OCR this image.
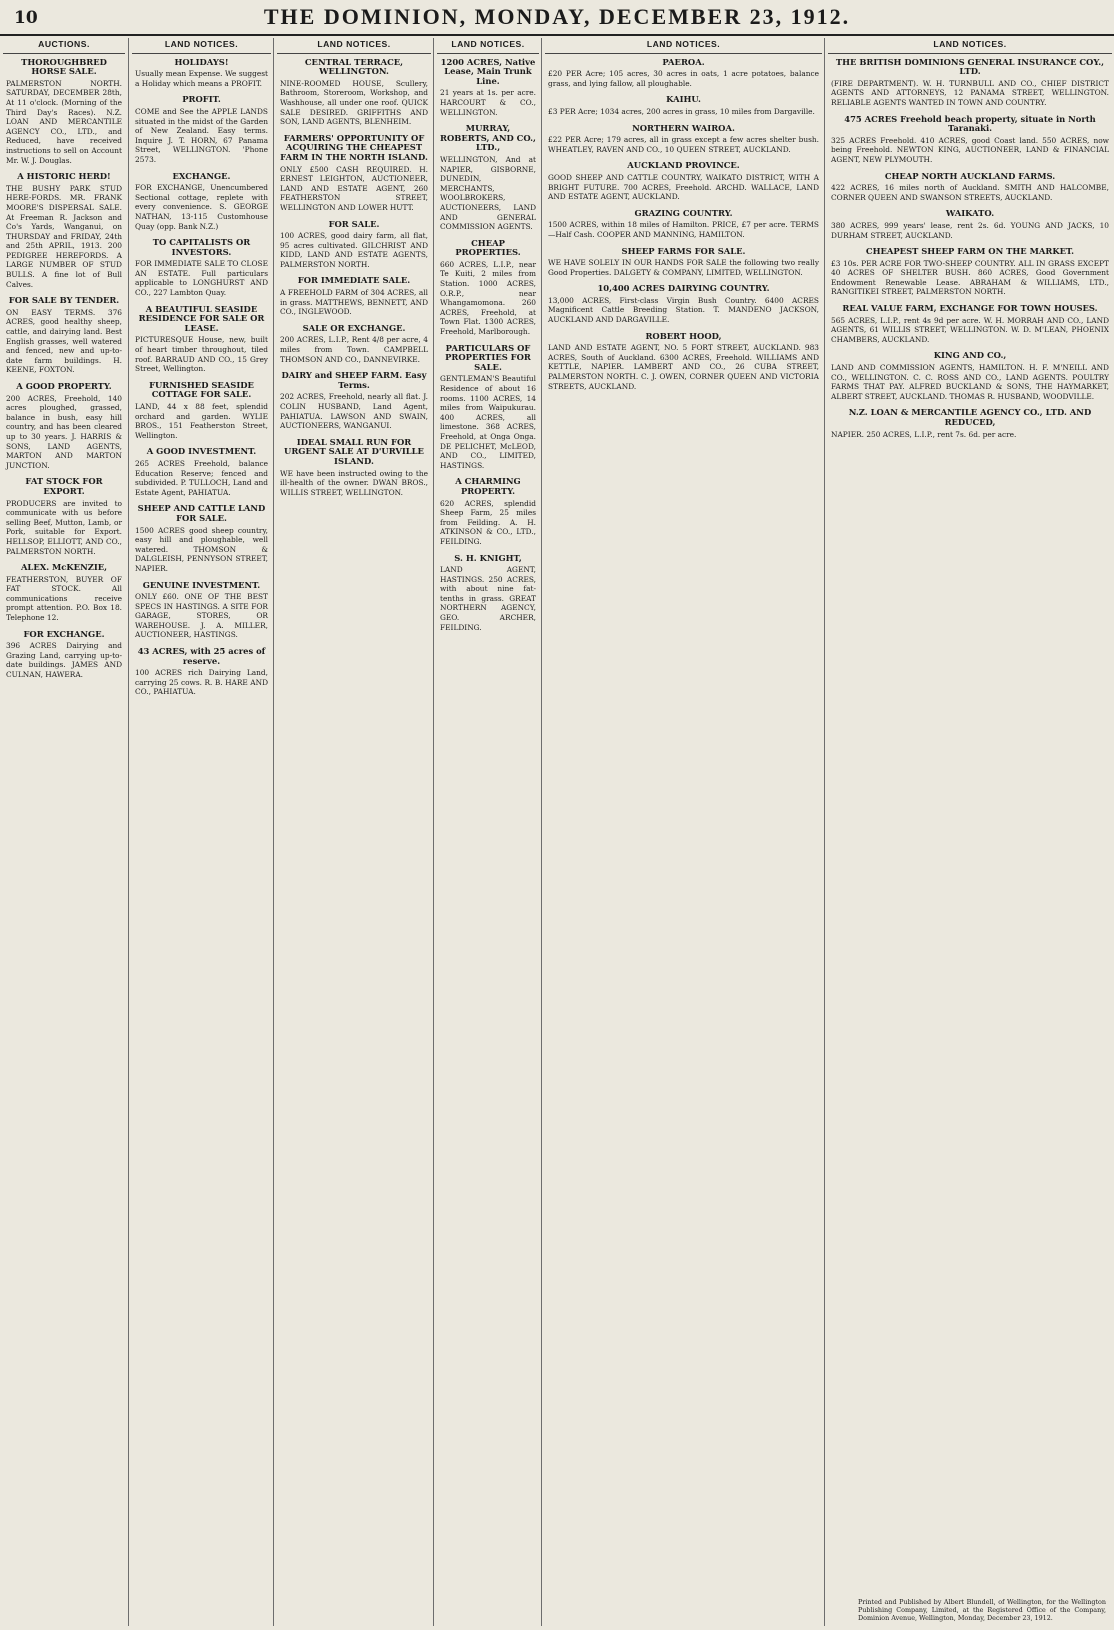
10	THE DOMINION, MONDAY, DECEMBER 23, 1912.
AUCTIONS.
THOROUGHBRED HORSE SALE.
PALMERSTON NORTH. SATURDAY, DECEMBER 28th, At 11 o'clock. (Morning of the Third Day's Races). N.Z. LOAN AND MERCANTILE AGENCY CO., LTD., and Reduced, have received instructions to sell on Account Mr. W. J. Douglas.
A HISTORIC HERD!
THE BUSHY PARK STUD HERE-FORDS. MR. FRANK MOORE'S DISPERSAL SALE. At Freeman R. Jackson and Co's Yards, Wanganui, on THURSDAY and FRIDAY, 24th and 25th APRIL, 1913. 200 PEDIGREE HEREFORDS. A LARGE NUMBER OF STUD BULLS. A fine lot of Bull Calves.
FOR SALE BY TENDER.
ON EASY TERMS. 376 ACRES, good healthy sheep, cattle, and dairying land. Best English grasses, well watered and fenced, new and up-to-date farm buildings. H. KEENE, FOXTON.
A GOOD PROPERTY.
200 ACRES, Freehold, 140 acres ploughed, grassed, balance in bush, easy hill country, and has been cleared up to 30 years. J. HARRIS & SONS, LAND AGENTS, MARTON AND MARTON JUNCTION.
FAT STOCK FOR EXPORT.
PRODUCERS are invited to communicate with us before selling Beef, Mutton, Lamb, or Pork, suitable for Export. HELLSOP, ELLIOTT, AND CO., PALMERSTON NORTH.
ALEX. McKENZIE,
FEATHERSTON, BUYER OF FAT STOCK. All communications receive prompt attention. P.O. Box 18. Telephone 12.
FOR EXCHANGE.
396 ACRES Dairying and Grazing Land, carrying up-to-date buildings. JAMES AND CULNAN, HAWERA.
LAND NOTICES.
HOLIDAYS!
Usually mean Expense. We suggest a Holiday which means a PROFIT.
PROFIT.
COME and See the APPLE LANDS situated in the midst of the Garden of New Zealand. Easy terms. Inquire J. T. HORN, 67 Panama Street, WELLINGTON. 'Phone 2573.
EXCHANGE.
FOR EXCHANGE, Unencumbered Sectional cottage, replete with every convenience. S. GEORGE NATHAN, 13-115 Customhouse Quay (opp. Bank N.Z.)
TO CAPITALISTS OR INVESTORS.
FOR IMMEDIATE SALE TO CLOSE AN ESTATE. Full particulars applicable to LONGHURST AND CO., 227 Lambton Quay.
A BEAUTIFUL SEASIDE RESIDENCE FOR SALE OR LEASE.
PICTURESQUE House, new, built of heart timber throughout, tiled roof. BARRAUD AND CO., 15 Grey Street, Wellington.
FURNISHED SEASIDE COTTAGE FOR SALE.
LAND, 44 x 88 feet, splendid orchard and garden. WYLIE BROS., 151 Featherston Street, Wellington.
A GOOD INVESTMENT.
265 ACRES Freehold, balance Education Reserve; fenced and subdivided. P. TULLOCH, Land and Estate Agent, PAHIATUA.
SHEEP AND CATTLE LAND FOR SALE.
1500 ACRES good sheep country, easy hill and ploughable, well watered. THOMSON & DALGLEISH, PENNYSON STREET, NAPIER.
GENUINE INVESTMENT.
ONLY £60. ONE OF THE BEST SPECS IN HASTINGS. A SITE FOR GARAGE, STORES, OR WAREHOUSE. J. A. MILLER, AUCTIONEER, HASTINGS.
43 ACRES, with 25 acres of reserve.
100 ACRES rich Dairying Land, carrying 25 cows. R. B. HARE AND CO., PAHIATUA.
LAND NOTICES.
CENTRAL TERRACE, WELLINGTON.
NINE-ROOMED HOUSE, Scullery, Bathroom, Storeroom, Workshop, and Washhouse, all under one roof. QUICK SALE DESIRED. GRIFFITHS AND SON, LAND AGENTS, BLENHEIM.
FARMERS' OPPORTUNITY OF ACQUIRING THE CHEAPEST FARM IN THE NORTH ISLAND.
ONLY £500 CASH REQUIRED. H. ERNEST LEIGHTON, AUCTIONEER, LAND AND ESTATE AGENT, 260 FEATHERSTON STREET, WELLINGTON AND LOWER HUTT.
FOR SALE.
100 ACRES, good dairy farm, all flat, 95 acres cultivated. GILCHRIST AND KIDD, LAND AND ESTATE AGENTS, PALMERSTON NORTH.
FOR IMMEDIATE SALE.
A FREEHOLD FARM of 304 ACRES, all in grass. MATTHEWS, BENNETT, AND CO., INGLEWOOD.
SALE OR EXCHANGE.
200 ACRES, L.I.P., Rent 4/8 per acre, 4 miles from Town. CAMPBELL THOMSON AND CO., DANNEVIRKE.
DAIRY and SHEEP FARM. Easy Terms.
202 ACRES, Freehold, nearly all flat. J. COLIN HUSBAND, Land Agent, PAHIATUA. LAWSON AND SWAIN, AUCTIONEERS, WANGANUI.
IDEAL SMALL RUN FOR URGENT SALE AT D'URVILLE ISLAND.
WE have been instructed owing to the ill-health of the owner. DWAN BROS., WILLIS STREET, WELLINGTON.
LAND NOTICES.
1200 ACRES, Native Lease, Main Trunk Line.
21 years at 1s. per acre. HARCOURT & CO., WELLINGTON.
MURRAY, ROBERTS, AND CO., LTD.,
WELLINGTON, And at NAPIER, GISBORNE, DUNEDIN, MERCHANTS, WOOLBROKERS, AUCTIONEERS, LAND AND GENERAL COMMISSION AGENTS.
CHEAP PROPERTIES.
660 ACRES, L.I.P., near Te Kuiti, 2 miles from Station. 1000 ACRES, O.R.P., near Whangamomona. 260 ACRES, Freehold, at Town Flat. 1300 ACRES, Freehold, Marlborough.
PARTICULARS OF PROPERTIES FOR SALE.
GENTLEMAN'S Beautiful Residence of about 16 rooms. 1100 ACRES, 14 miles from Waipukurau. 400 ACRES, all limestone. 368 ACRES, Freehold, at Onga Onga. DE PELICHET, McLEOD, AND CO., LIMITED, HASTINGS.
A CHARMING PROPERTY.
620 ACRES, splendid Sheep Farm, 25 miles from Feilding. A. H. ATKINSON & CO., LTD., FEILDING.
S. H. KNIGHT,
LAND AGENT, HASTINGS. 250 ACRES, with about nine fat-tenths in grass. GREAT NORTHERN AGENCY, GEO. ARCHER, FEILDING.
LAND NOTICES.
PAEROA.
£20 PER Acre; 105 acres, 30 acres in oats, 1 acre potatoes, balance grass, and lying fallow, all ploughable.
KAIHU.
£3 PER Acre; 1034 acres, 200 acres in grass, 10 miles from Dargaville.
NORTHERN WAIROA.
£22 PER Acre; 179 acres, all in grass except a few acres shelter bush. WHEATLEY, RAVEN AND CO., 10 QUEEN STREET, AUCKLAND.
AUCKLAND PROVINCE.
GOOD SHEEP AND CATTLE COUNTRY, WAIKATO DISTRICT, WITH A BRIGHT FUTURE. 700 ACRES, Freehold. ARCHD. WALLACE, LAND AND ESTATE AGENT, AUCKLAND.
GRAZING COUNTRY.
1500 ACRES, within 18 miles of Hamilton. PRICE, £7 per acre. TERMS—Half Cash. COOPER AND MANNING, HAMILTON.
SHEEP FARMS FOR SALE.
WE HAVE SOLELY IN OUR HANDS FOR SALE the following two really Good Properties. DALGETY & COMPANY, LIMITED, WELLINGTON.
10,400 ACRES DAIRYING COUNTRY.
13,000 ACRES, First-class Virgin Bush Country. 6400 ACRES Magnificent Cattle Breeding Station. T. MANDENO JACKSON, AUCKLAND AND DARGAVILLE.
ROBERT HOOD,
LAND AND ESTATE AGENT, NO. 5 FORT STREET, AUCKLAND. 983 ACRES, South of Auckland. 6300 ACRES, Freehold. WILLIAMS AND KETTLE, NAPIER. LAMBERT AND CO., 26 CUBA STREET, PALMERSTON NORTH. C. J. OWEN, CORNER QUEEN AND VICTORIA STREETS, AUCKLAND.
LAND NOTICES.
THE BRITISH DOMINIONS GENERAL INSURANCE COY., LTD.
(FIRE DEPARTMENT). W. H. TURNBULL AND CO., CHIEF DISTRICT AGENTS AND ATTORNEYS, 12 PANAMA STREET, WELLINGTON. RELIABLE AGENTS WANTED IN TOWN AND COUNTRY.
475 ACRES Freehold beach property, situate in North Taranaki.
325 ACRES Freehold. 410 ACRES, good Coast land. 550 ACRES, now being Freehold. NEWTON KING, AUCTIONEER, LAND & FINANCIAL AGENT, NEW PLYMOUTH.
CHEAP NORTH AUCKLAND FARMS.
422 ACRES, 16 miles north of Auckland. SMITH AND HALCOMBE, CORNER QUEEN AND SWANSON STREETS, AUCKLAND.
WAIKATO.
380 ACRES, 999 years' lease, rent 2s. 6d. YOUNG AND JACKS, 10 DURHAM STREET, AUCKLAND.
CHEAPEST SHEEP FARM ON THE MARKET.
£3 10s. PER ACRE FOR TWO-SHEEP COUNTRY. ALL IN GRASS EXCEPT 40 ACRES OF SHELTER BUSH. 860 ACRES, Good Government Endowment Renewable Lease. ABRAHAM & WILLIAMS, LTD., RANGITIKEI STREET, PALMERSTON NORTH.
REAL VALUE FARM, EXCHANGE FOR TOWN HOUSES.
565 ACRES, L.I.P., rent 4s 9d per acre. W. H. MORRAH AND CO., LAND AGENTS, 61 WILLIS STREET, WELLINGTON. W. D. M'LEAN, PHOENIX CHAMBERS, AUCKLAND.
KING AND CO.,
LAND AND COMMISSION AGENTS, HAMILTON. H. F. M'NEILL AND CO., WELLINGTON. C. C. ROSS AND CO., LAND AGENTS. POULTRY FARMS THAT PAY. ALFRED BUCKLAND & SONS, THE HAYMARKET, ALBERT STREET, AUCKLAND. THOMAS R. HUSBAND, WOODVILLE.
N.Z. LOAN & MERCANTILE AGENCY CO., LTD. AND REDUCED,
NAPIER. 250 ACRES, L.I.P., rent 7s. 6d. per acre.
Printed and Published by Albert Blundell, of Wellington, for the Wellington Publishing Company, Limited, at the Registered Office of the Company, Dominion Avenue, Wellington, Monday, December 23, 1912.
